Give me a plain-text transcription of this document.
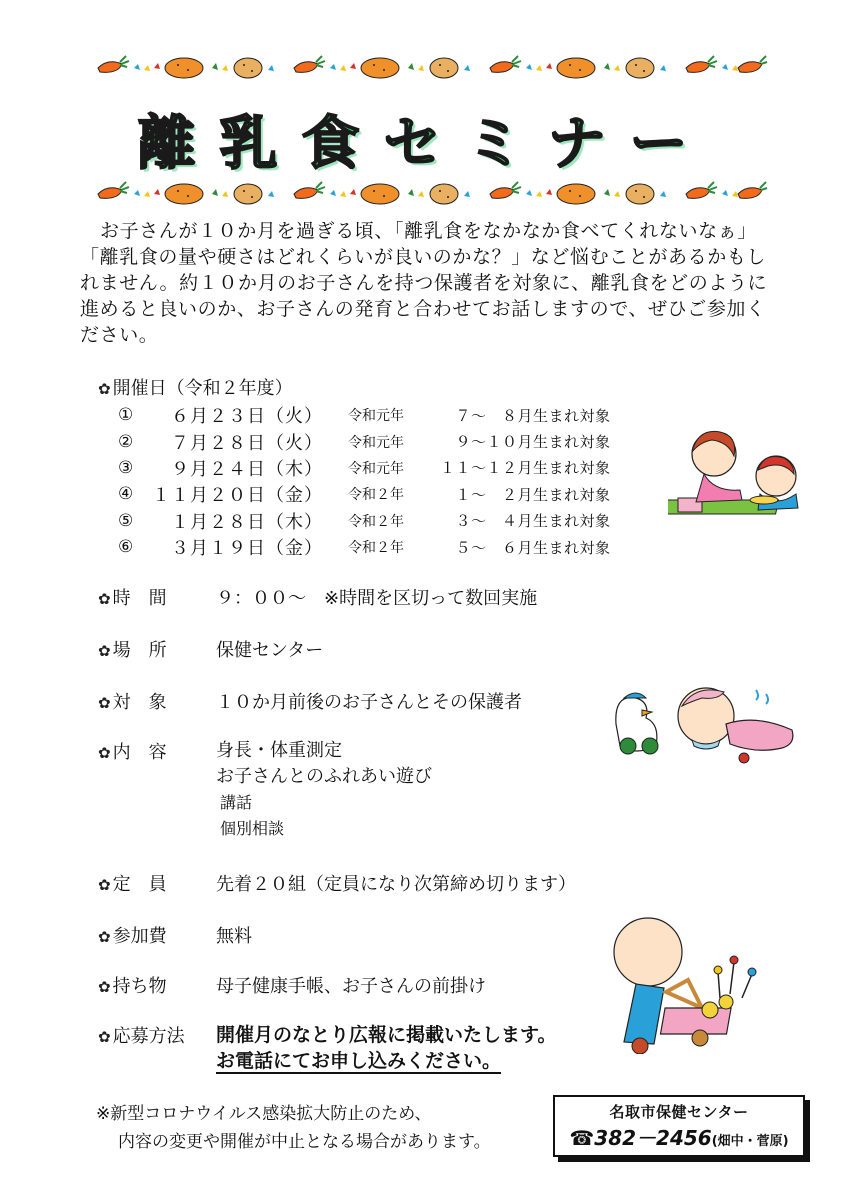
離乳食セミナー
お子さんが１０か月を過ぎる頃、「離乳食をなかなか食べてくれないなぁ」「離乳食の量や硬さはどれくらいが良いのかな？」など悩むことがあるかもしれません。約１０か月のお子さんを持つ保護者を対象に、離乳食をどのように進めると良いのか、お子さんの発育と合わせてお話しますので、ぜひご参加ください。
✿ 開催日（令和２年度）
①	　６月２３日（火）	令和元年	　７～　８月生まれ対象
②	　７月２８日（火）	令和元年	　９～１０月生まれ対象
③	　９月２４日（木）	令和元年	１１～１２月生まれ対象
④	１１月２０日（金）	令和２年	　１～　２月生まれ対象
⑤	　１月２８日（木）	令和２年	　３～　４月生まれ対象
⑥	　３月１９日（金）	令和２年	　５～　６月生まれ対象
✿ 時　間	９：００～　※時間を区切って数回実施
✿ 場　所	保健センター
✿ 対　象	１０か月前後のお子さんとその保護者
✿ 内　容	身長・体重測定
お子さんとのふれあい遊び
講話
個別相談
✿ 定　員	先着２０組（定員になり次第締め切ります）
✿ 参加費	無料
✿ 持ち物	母子健康手帳、お子さんの前掛け
✿ 応募方法	開催月のなとり広報に掲載いたします。
お電話にてお申し込みください。
※新型コロナウイルス感染拡大防止のため、
内容の変更や開催が中止となる場合があります。
名取市保健センター
☎382－2456(畑中・菅原)
